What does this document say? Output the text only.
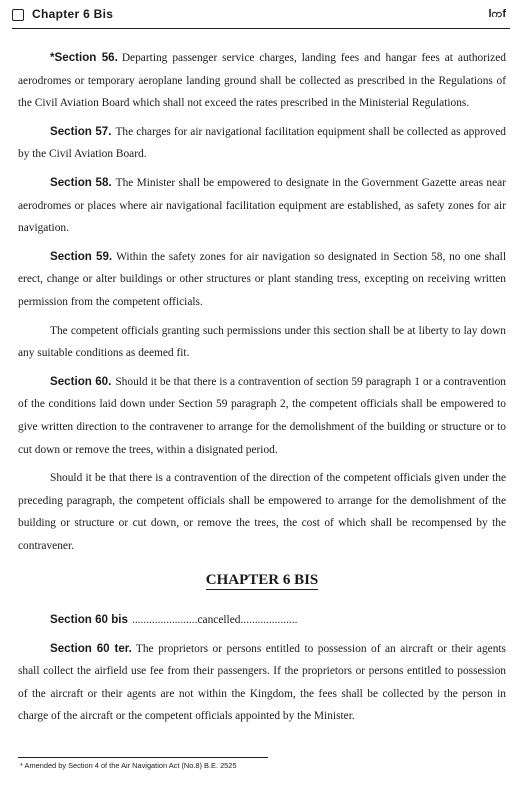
Chapter 6 Bis	lကf

*Section 56. Departing passenger service charges, landing fees and hangar fees at authorized aerodromes or temporary aeroplane landing ground shall be collected as prescribed in the Regulations of the Civil Aviation Board which shall not exceed the rates prescribed in the Ministerial Regulations.

Section 57. The charges for air navigational facilitation equipment shall be collected as approved by the Civil Aviation Board.

Section 58. The Minister shall be empowered to designate in the Government Gazette areas near aerodromes or places where air navigational facilitation equipment are established, as safety zones for air navigation.

Section 59. Within the safety zones for air navigation so designated in Section 58, no one shall erect, change or alter buildings or other structures or plant standing tress, excepting on receiving written permission from the competent officials.

The competent officials granting such permissions under this section shall be at liberty to lay down any suitable conditions as deemed fit.

Section 60. Should it be that there is a contravention of section 59 paragraph 1 or a contravention of the conditions laid down under Section 59 paragraph 2, the competent officials shall be empowered to give written direction to the contravener to arrange for the demolishment of the building or structure or to cut down or remove the trees, within a disignated period.

Should it be that there is a contravention of the direction of the competent officials given under the preceding paragraph, the competent officials shall be empowered to arrange for the demolishment of the building or structure or cut down, or remove the trees, the cost of which shall be recompensed by the contravener.

CHAPTER 6 BIS

Section 60 bis .......................cancelled....................

Section 60 ter. The proprietors or persons entitled to possession of an aircraft or their agents shall collect the airfield use fee from their passengers. If the proprietors or persons entitled to possession of the aircraft or their agents are not within the Kingdom, the fees shall be collected by the person in charge of the aircraft or the competent officials appointed by the Minister.

* Amended by Section 4 of the Air Navigation Act (No.8) B.E. 2525
